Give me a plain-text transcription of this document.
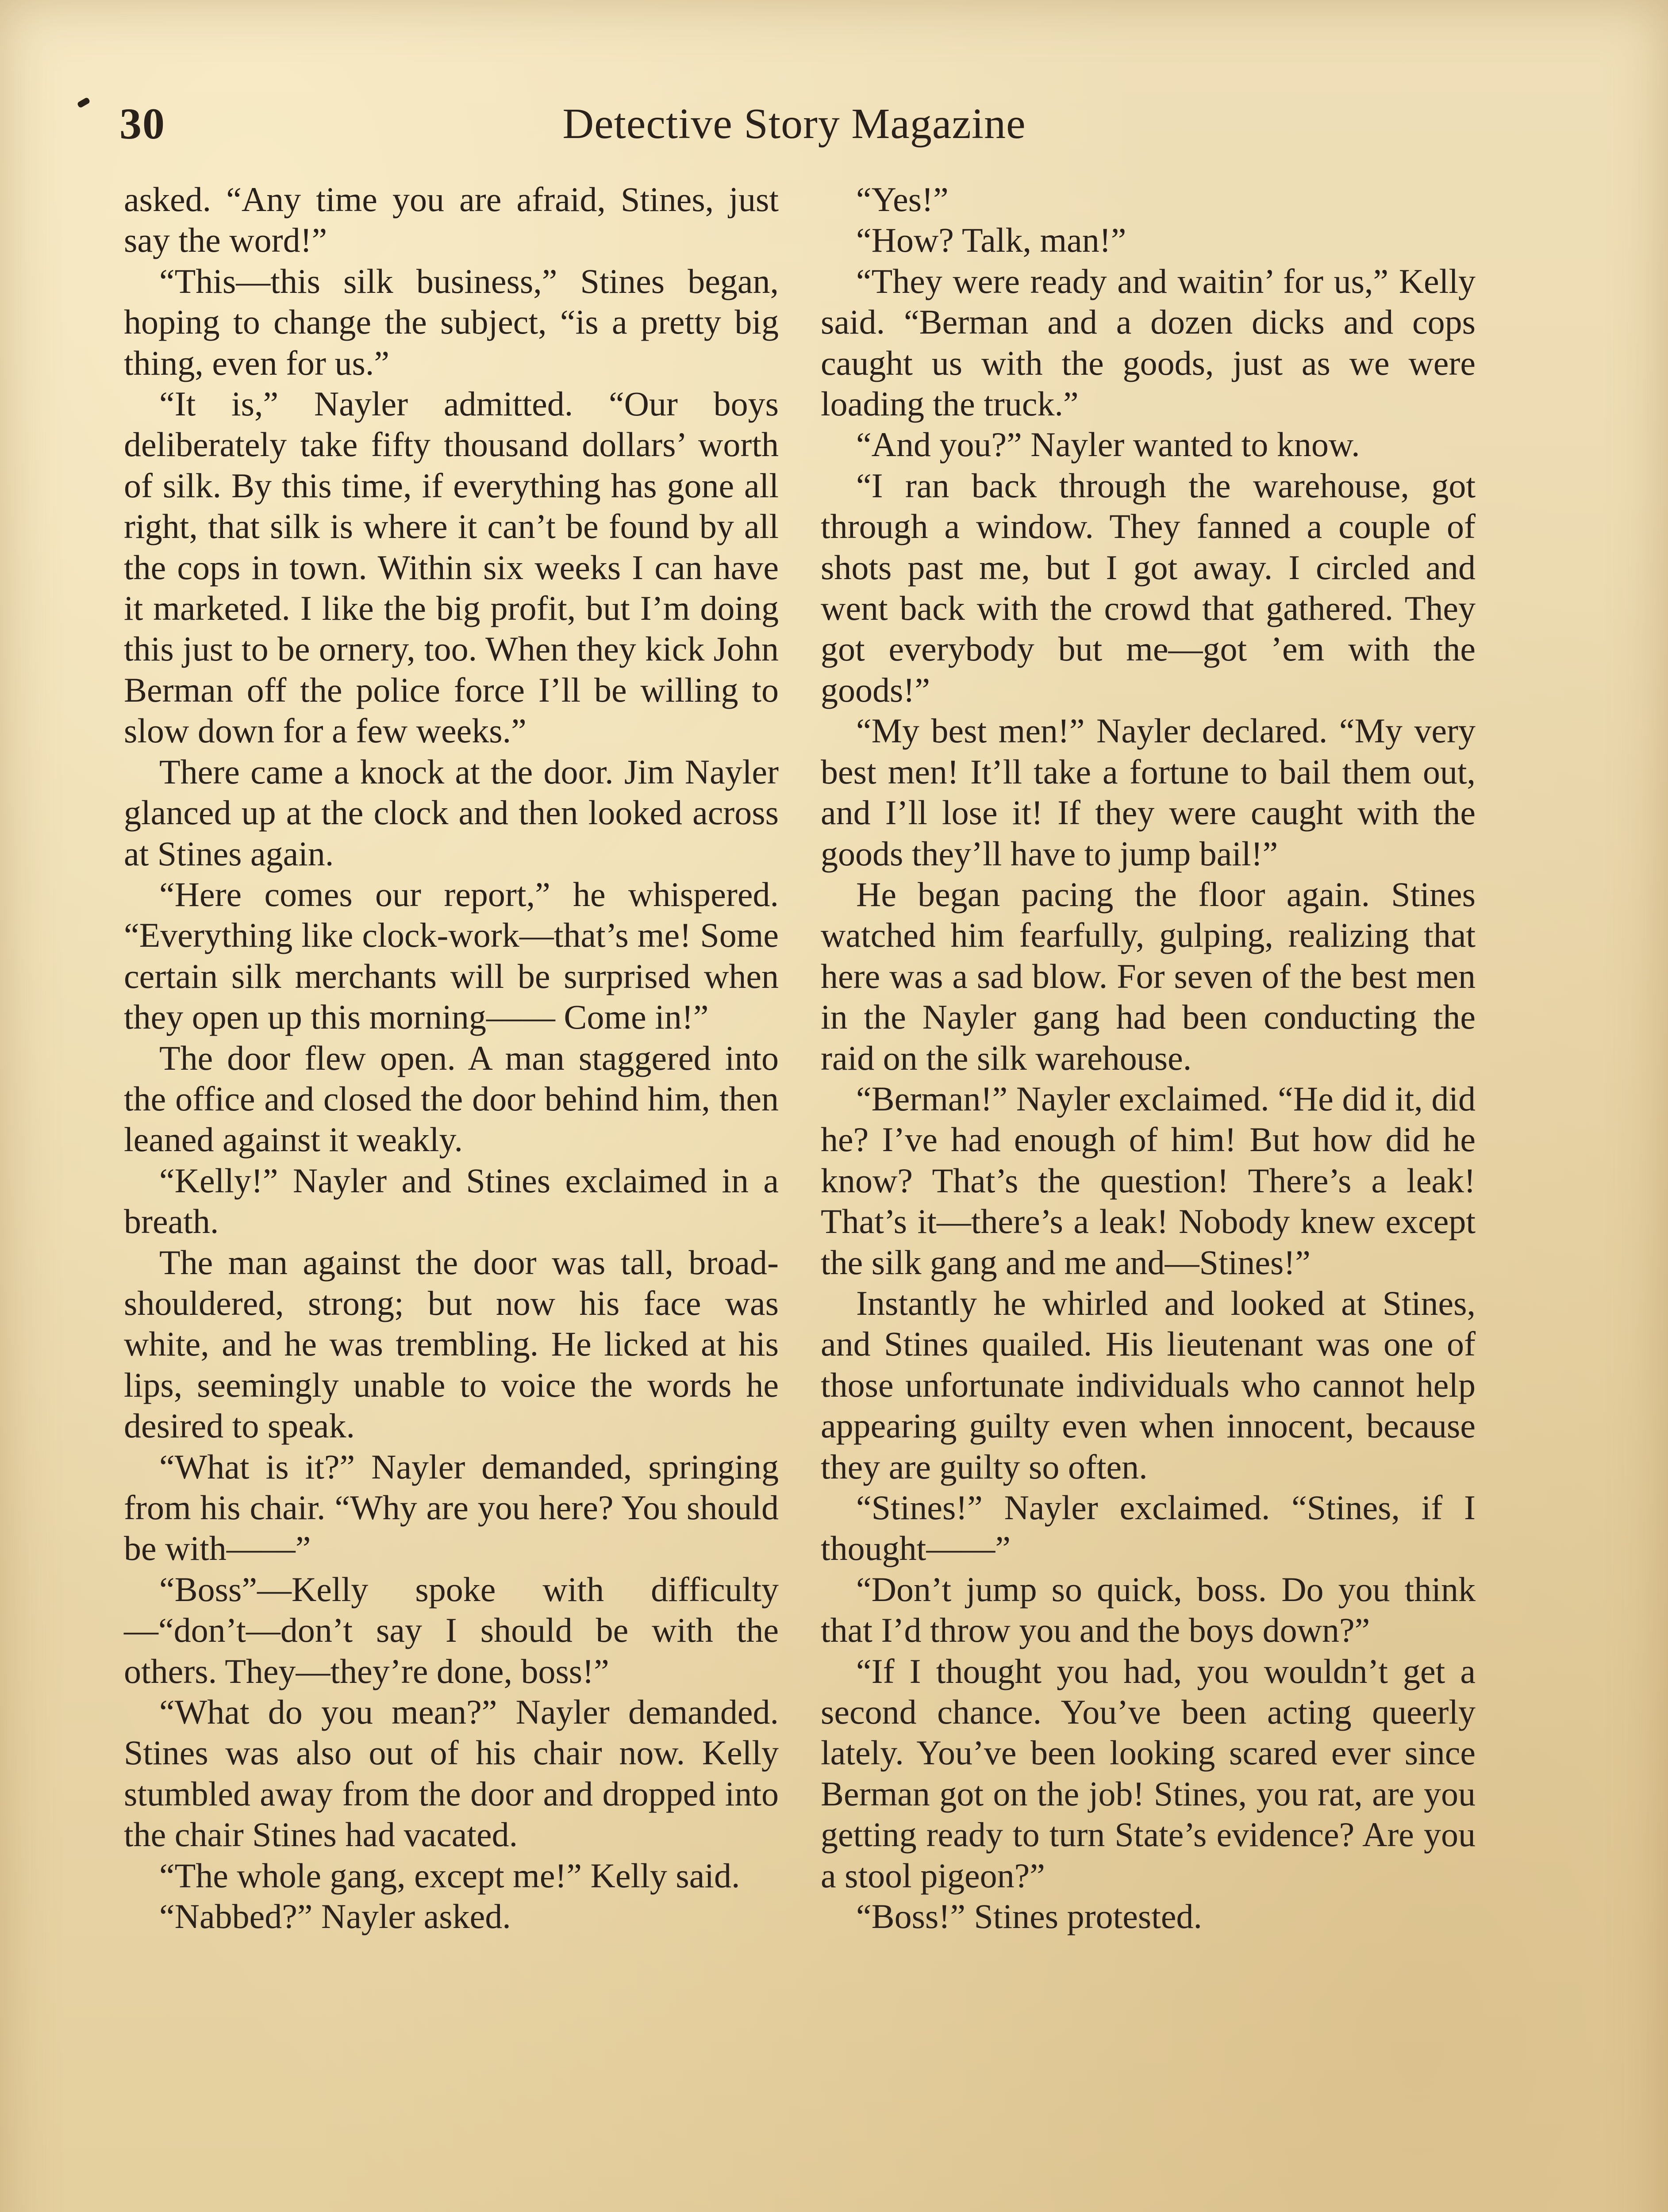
30	Detective Story Magazine

asked. “Any time you are afraid, Stines, just say the word!”

“This—this silk business,” Stines began, hoping to change the subject, “is a pretty big thing, even for us.”

“It is,” Nayler admitted. “Our boys deliberately take fifty thousand dollars’ worth of silk. By this time, if everything has gone all right, that silk is where it can’t be found by all the cops in town. Within six weeks I can have it marketed. I like the big profit, but I’m doing this just to be ornery, too. When they kick John Berman off the police force I’ll be willing to slow down for a few weeks.”

There came a knock at the door. Jim Nayler glanced up at the clock and then looked across at Stines again.

“Here comes our report,” he whispered. “Everything like clock-work—that’s me! Some certain silk merchants will be surprised when they open up this morning—— Come in!”

The door flew open. A man staggered into the office and closed the door behind him, then leaned against it weakly.

“Kelly!” Nayler and Stines exclaimed in a breath.

The man against the door was tall, broad-shouldered, strong; but now his face was white, and he was trembling. He licked at his lips, seemingly unable to voice the words he desired to speak.

“What is it?” Nayler demanded, springing from his chair. “Why are you here? You should be with——”

“Boss”—Kelly spoke with difficulty—“don’t—don’t say I should be with the others. They—they’re done, boss!”

“What do you mean?” Nayler demanded. Stines was also out of his chair now. Kelly stumbled away from the door and dropped into the chair Stines had vacated.

“The whole gang, except me!” Kelly said.

“Nabbed?” Nayler asked.

“Yes!”

“How? Talk, man!”

“They were ready and waitin’ for us,” Kelly said. “Berman and a dozen dicks and cops caught us with the goods, just as we were loading the truck.”

“And you?” Nayler wanted to know.

“I ran back through the warehouse, got through a window. They fanned a couple of shots past me, but I got away. I circled and went back with the crowd that gathered. They got everybody but me—got ’em with the goods!”

“My best men!” Nayler declared. “My very best men! It’ll take a fortune to bail them out, and I’ll lose it! If they were caught with the goods they’ll have to jump bail!”

He began pacing the floor again. Stines watched him fearfully, gulping, realizing that here was a sad blow. For seven of the best men in the Nayler gang had been conducting the raid on the silk warehouse.

“Berman!” Nayler exclaimed. “He did it, did he? I’ve had enough of him! But how did he know? That’s the question! There’s a leak! That’s it—there’s a leak! Nobody knew except the silk gang and me and—Stines!”

Instantly he whirled and looked at Stines, and Stines quailed. His lieutenant was one of those unfortunate individuals who cannot help appearing guilty even when innocent, because they are guilty so often.

“Stines!” Nayler exclaimed. “Stines, if I thought——”

“Don’t jump so quick, boss. Do you think that I’d throw you and the boys down?”

“If I thought you had, you wouldn’t get a second chance. You’ve been acting queerly lately. You’ve been looking scared ever since Berman got on the job! Stines, you rat, are you getting ready to turn State’s evidence? Are you a stool pigeon?”

“Boss!” Stines protested.
